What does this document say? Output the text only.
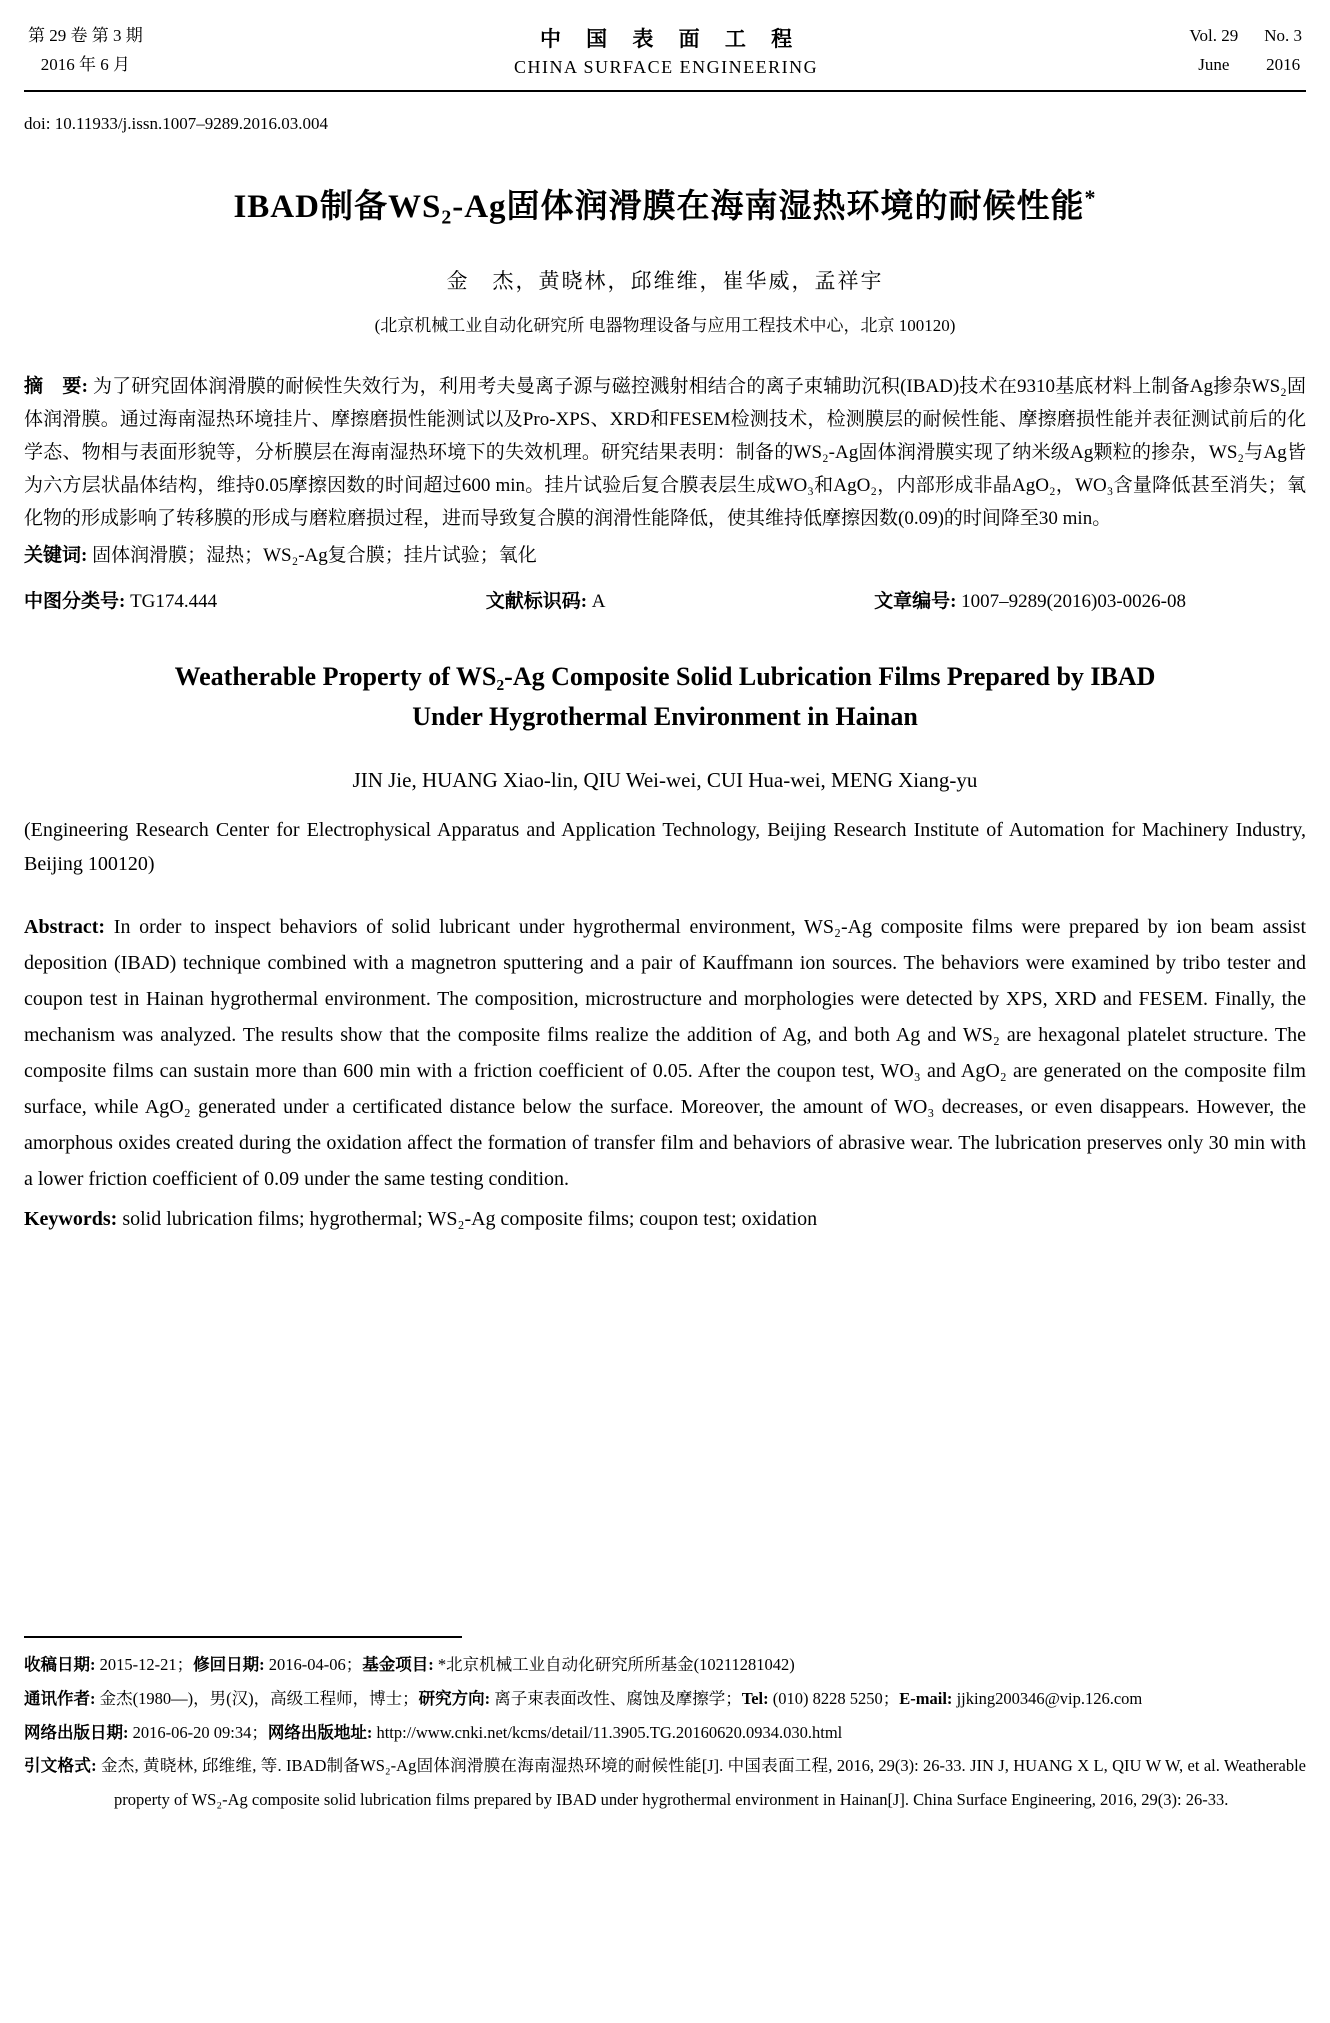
第 29 卷 第 3 期
2016 年 6 月
中 国 表 面 工 程
CHINA SURFACE ENGINEERING
Vol. 29 No. 3
June 2016
doi: 10.11933/j.issn.1007–9289.2016.03.004
IBAD制备WS₂-Ag固体润滑膜在海南湿热环境的耐候性能*
金　杰，黄晓林，邱维维，崔华威，孟祥宇
(北京机械工业自动化研究所 电器物理设备与应用工程技术中心，北京 100120)

摘　要: 为了研究固体润滑膜的耐候性失效行为，利用考夫曼离子源与磁控溅射相结合的离子束辅助沉积(IBAD)技术在9310基底材料上制备Ag掺杂WS₂固体润滑膜。通过海南湿热环境挂片、摩擦磨损性能测试以及Pro-XPS、XRD和FESEM检测技术，检测膜层的耐候性能、摩擦磨损性能并表征测试前后的化学态、物相与表面形貌等，分析膜层在海南湿热环境下的失效机理。研究结果表明：制备的WS₂-Ag固体润滑膜实现了纳米级Ag颗粒的掺杂，WS₂与Ag皆为六方层状晶体结构，维持0.05摩擦因数的时间超过600 min。挂片试验后复合膜表层生成WO₃和AgO₂，内部形成非晶AgO₂，WO₃含量降低甚至消失；氧化物的形成影响了转移膜的形成与磨粒磨损过程，进而导致复合膜的润滑性能降低，使其维持低摩擦因数(0.09)的时间降至30 min。

关键词: 固体润滑膜；湿热；WS₂-Ag复合膜；挂片试验；氧化

中图分类号: TG174.444	文献标识码: A	文章编号: 1007–9289(2016)03-0026-08
Weatherable Property of WS₂-Ag Composite Solid Lubrication Films Prepared by IBAD
Under Hygrothermal Environment in Hainan
JIN Jie, HUANG Xiao-lin, QIU Wei-wei, CUI Hua-wei, MENG Xiang-yu

(Engineering Research Center for Electrophysical Apparatus and Application Technology, Beijing Research Institute of Automation for Machinery Industry, Beijing 100120)

Abstract: In order to inspect behaviors of solid lubricant under hygrothermal environment, WS₂-Ag composite films were prepared by ion beam assist deposition (IBAD) technique combined with a magnetron sputtering and a pair of Kauffmann ion sources. The behaviors were examined by tribo tester and coupon test in Hainan hygrothermal environment. The composition, microstructure and morphologies were detected by XPS, XRD and FESEM. Finally, the mechanism was analyzed. The results show that the composite films realize the addition of Ag, and both Ag and WS₂ are hexagonal platelet structure. The composite films can sustain more than 600 min with a friction coefficient of 0.05. After the coupon test, WO₃ and AgO₂ are generated on the composite film surface, while AgO₂ generated under a certificated distance below the surface. Moreover, the amount of WO₃ decreases, or even disappears. However, the amorphous oxides created during the oxidation affect the formation of transfer film and behaviors of abrasive wear. The lubrication preserves only 30 min with a lower friction coefficient of 0.09 under the same testing condition.

Keywords: solid lubrication films; hygrothermal; WS₂-Ag composite films; coupon test; oxidation

收稿日期: 2015-12-21；修回日期: 2016-04-06；基金项目: *北京机械工业自动化研究所所基金(10211281042)

通讯作者: 金杰(1980—)，男(汉)，高级工程师，博士；研究方向: 离子束表面改性、腐蚀及摩擦学；Tel: (010) 8228 5250；E-mail: jjking200346@vip.126.com

网络出版日期: 2016-06-20 09:34；网络出版地址: http://www.cnki.net/kcms/detail/11.3905.TG.20160620.0934.030.html

引文格式: 金杰, 黄晓林, 邱维维, 等. IBAD制备WS₂-Ag固体润滑膜在海南湿热环境的耐候性能[J]. 中国表面工程, 2016, 29(3): 26-33. JIN J, HUANG X L, QIU W W, et al. Weatherable property of WS₂-Ag composite solid lubrication films prepared by IBAD under hygrothermal environment in Hainan[J]. China Surface Engineering, 2016, 29(3): 26-33.
